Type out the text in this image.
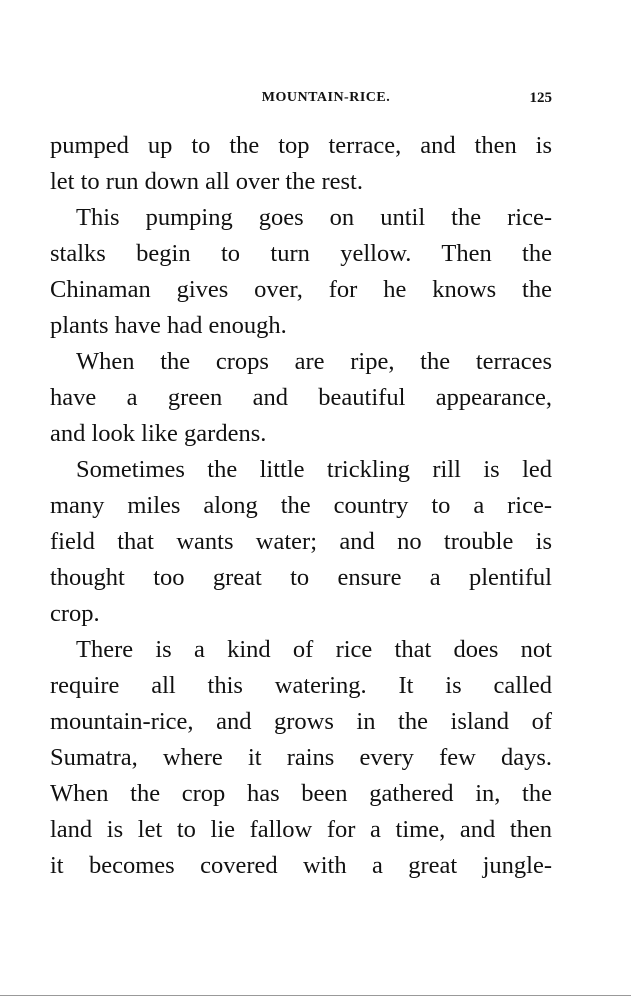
MOUNTAIN-RICE.	125
pumped up to the top terrace, and then is
let to run down all over the rest.
This pumping goes on until the rice-
stalks begin to turn yellow. Then the
Chinaman gives over, for he knows the
plants have had enough.
When the crops are ripe, the terraces
have a green and beautiful appearance,
and look like gardens.
Sometimes the little trickling rill is led
many miles along the country to a rice-
field that wants water; and no trouble is
thought too great to ensure a plentiful
crop.
There is a kind of rice that does not
require all this watering. It is called
mountain-rice, and grows in the island of
Sumatra, where it rains every few days.
When the crop has been gathered in, the
land is let to lie fallow for a time, and then
it becomes covered with a great jungle-
